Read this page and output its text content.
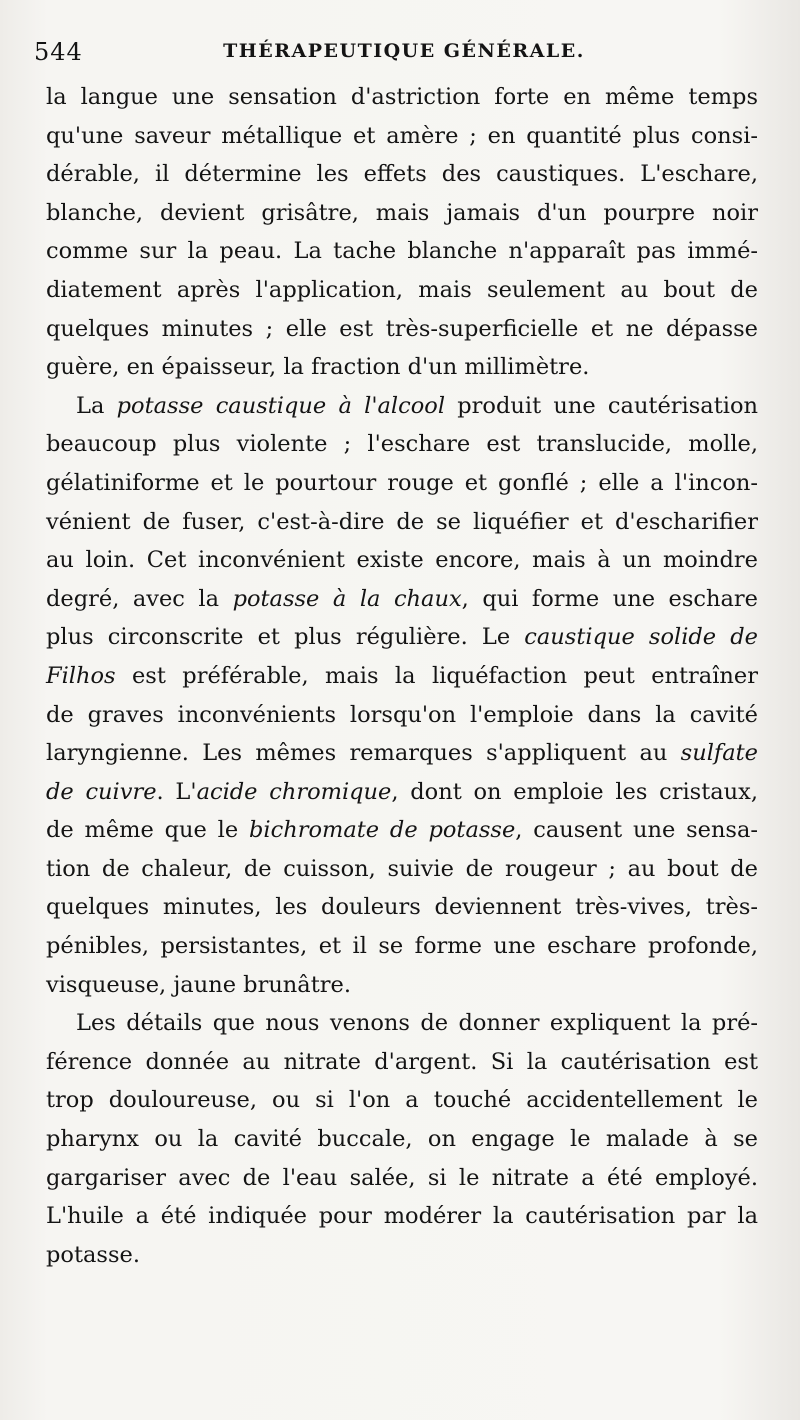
544	THÉRAPEUTIQUE GÉNÉRALE.
la langue une sensation d'astriction forte en même temps
qu'une saveur métallique et amère ; en quantité plus consi-
dérable, il détermine les effets des caustiques. L'eschare,
blanche, devient grisâtre, mais jamais d'un pourpre noir
comme sur la peau. La tache blanche n'apparaît pas immé-
diatement après l'application, mais seulement au bout de
quelques minutes ; elle est très-superficielle et ne dépasse
guère, en épaisseur, la fraction d'un millimètre.
La potasse caustique à l'alcool produit une cautérisation
beaucoup plus violente ; l'eschare est translucide, molle,
gélatiniforme et le pourtour rouge et gonflé ; elle a l'incon-
vénient de fuser, c'est-à-dire de se liquéfier et d'escharifier
au loin. Cet inconvénient existe encore, mais à un moindre
degré, avec la potasse à la chaux, qui forme une eschare
plus circonscrite et plus régulière. Le caustique solide de
Filhos est préférable, mais la liquéfaction peut entraîner
de graves inconvénients lorsqu'on l'emploie dans la cavité
laryngienne. Les mêmes remarques s'appliquent au sulfate
de cuivre. L'acide chromique, dont on emploie les cristaux,
de même que le bichromate de potasse, causent une sensa-
tion de chaleur, de cuisson, suivie de rougeur ; au bout de
quelques minutes, les douleurs deviennent très-vives, très-
pénibles, persistantes, et il se forme une eschare profonde,
visqueuse, jaune brunâtre.
Les détails que nous venons de donner expliquent la pré-
férence donnée au nitrate d'argent. Si la cautérisation est
trop douloureuse, ou si l'on a touché accidentellement le
pharynx ou la cavité buccale, on engage le malade à se
gargariser avec de l'eau salée, si le nitrate a été employé.
L'huile a été indiquée pour modérer la cautérisation par la
potasse.
